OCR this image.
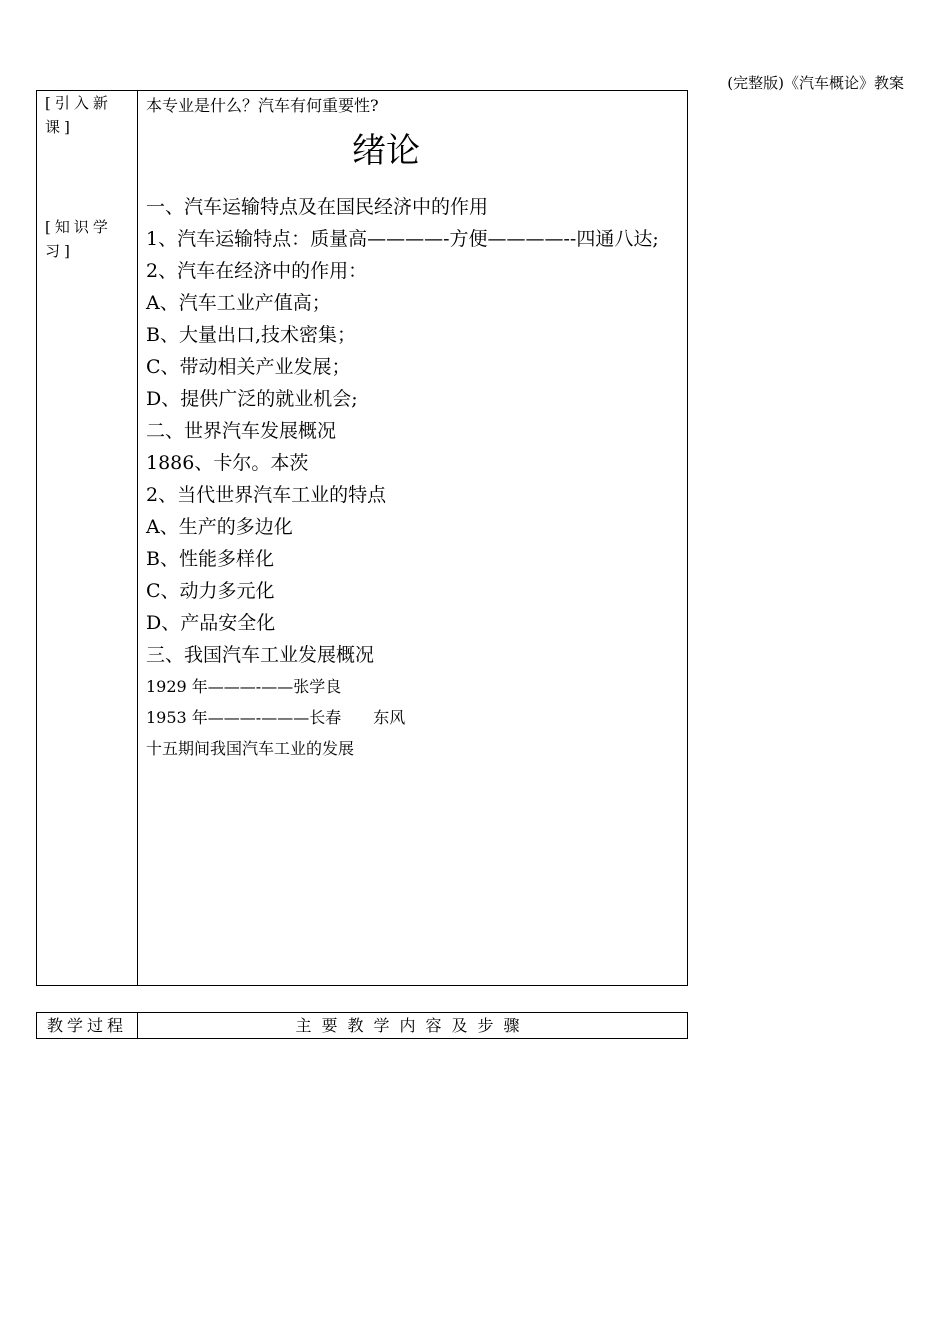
(完整版)《汽车概论》教案
[引入新课]
[知识学习]
本专业是什么？汽车有何重要性?
绪论
一、汽车运输特点及在国民经济中的作用
1、汽车运输特点：质量高————-方便————--四通八达;
2、汽车在经济中的作用：
A、汽车工业产值高；
B、大量出口,技术密集；
C、带动相关产业发展；
D、提供广泛的就业机会;
二、世界汽车发展概况
1886、卡尔。本茨
2、当代世界汽车工业的特点
A、生产的多边化
B、性能多样化
C、动力多元化
D、产品安全化
三、我国汽车工业发展概况
1929 年———-——张学良
1953 年———-———长春　　东风
十五期间我国汽车工业的发展
教学过程	主要教学内容及步骤
